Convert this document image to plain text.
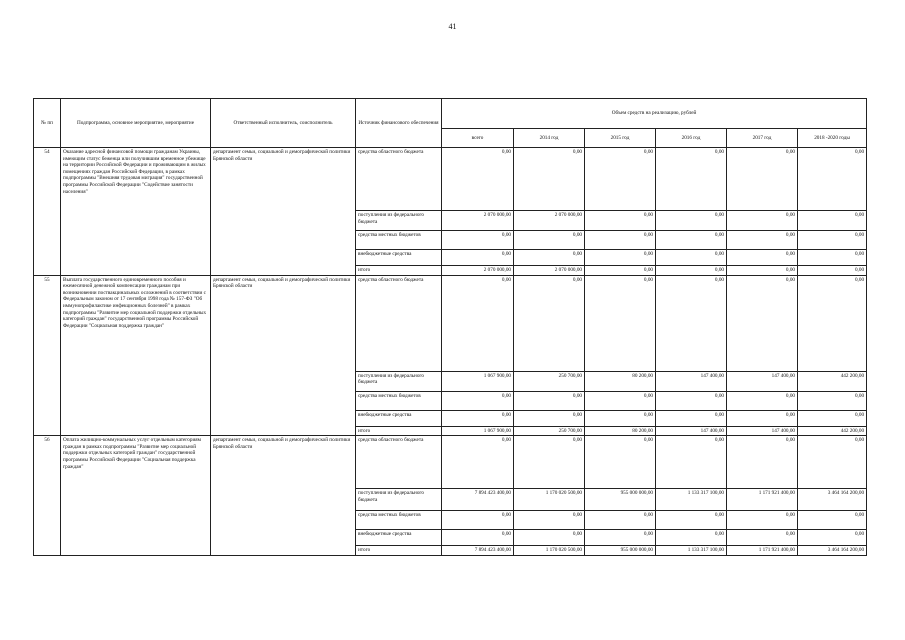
41
№ пп	Подпрограмма, основное мероприятие, мероприятие	Ответственный исполнитель, соисполнитель	Источник финансового обеспечения	Объем средств на реализацию, рублей					
				всего	2014 год	2015 год	2016 год	2017 год	2018 -2020 годы
54	Оказание адресной финансовой помощи гражданам Украины, имеющим статус беженца или получившим временное убежище на территории Российской Федерации и проживающим в жилых помещениях граждан Российской Федерации, в рамках подпрограммы "Внешняя трудовая миграция" государственной программы Российской Федерации "Содействие занятости населения"	департамент семьи, социальной и демографической политики Брянской области	средства областного бюджета	0,00	0,00	0,00	0,00	0,00	0,00
			поступления из федерального бюджета	2 070 000,00	2 070 000,00	0,00	0,00	0,00	0,00
			средства местных бюджетов	0,00	0,00	0,00	0,00	0,00	0,00
			внебюджетные средства	0,00	0,00	0,00	0,00	0,00	0,00
			итого	2 070 000,00	2 070 000,00	0,00	0,00	0,00	0,00
55	Выплата государственного единовременного пособия и ежемесячной денежной компенсации гражданам при возникновении поствакцинальных осложнений в соответствии с Федеральным законом от 17 сентября 1998 года № 157-ФЗ "Об иммунопрофилактике инфекционных болезней" в рамках подпрограммы "Развитие мер социальной поддержки отдельных категорий граждан" государственной программы Российской Федерации "Социальная поддержка граждан"	департамент семьи, социальной и демографической политики Брянской области	средства областного бюджета	0,00	0,00	0,00	0,00	0,00	0,00
			поступления из федерального бюджета	1 067 900,00	250 700,00	80 200,00	147 400,00	147 400,00	442 200,00
			средства местных бюджетов	0,00	0,00	0,00	0,00	0,00	0,00
			внебюджетные средства	0,00	0,00	0,00	0,00	0,00	0,00
			итого	1 067 900,00	250 700,00	80 200,00	147 400,00	147 400,00	442 200,00
56	Оплата жилищно-коммунальных услуг отдельным категориям граждан в рамках подпрограммы "Развитие мер социальной поддержки отдельных категорий граждан" государственной программы Российской Федерации "Социальная поддержка граждан"	департамент семьи, социальной и демографической политики Брянской области	средства областного бюджета	0,00	0,00	0,00	0,00	0,00	0,00
			поступления из федерального бюджета	7 894 423 400,00	1 170 020 500,00	955 000 000,00	1 133 317 100,00	1 171 921 400,00	3 464 164 200,00
			средства местных бюджетов	0,00	0,00	0,00	0,00	0,00	0,00
			внебюджетные средства	0,00	0,00	0,00	0,00	0,00	0,00
			итого	7 894 423 400,00	1 170 020 500,00	955 000 000,00	1 133 317 100,00	1 171 921 400,00	3 464 164 200,00
